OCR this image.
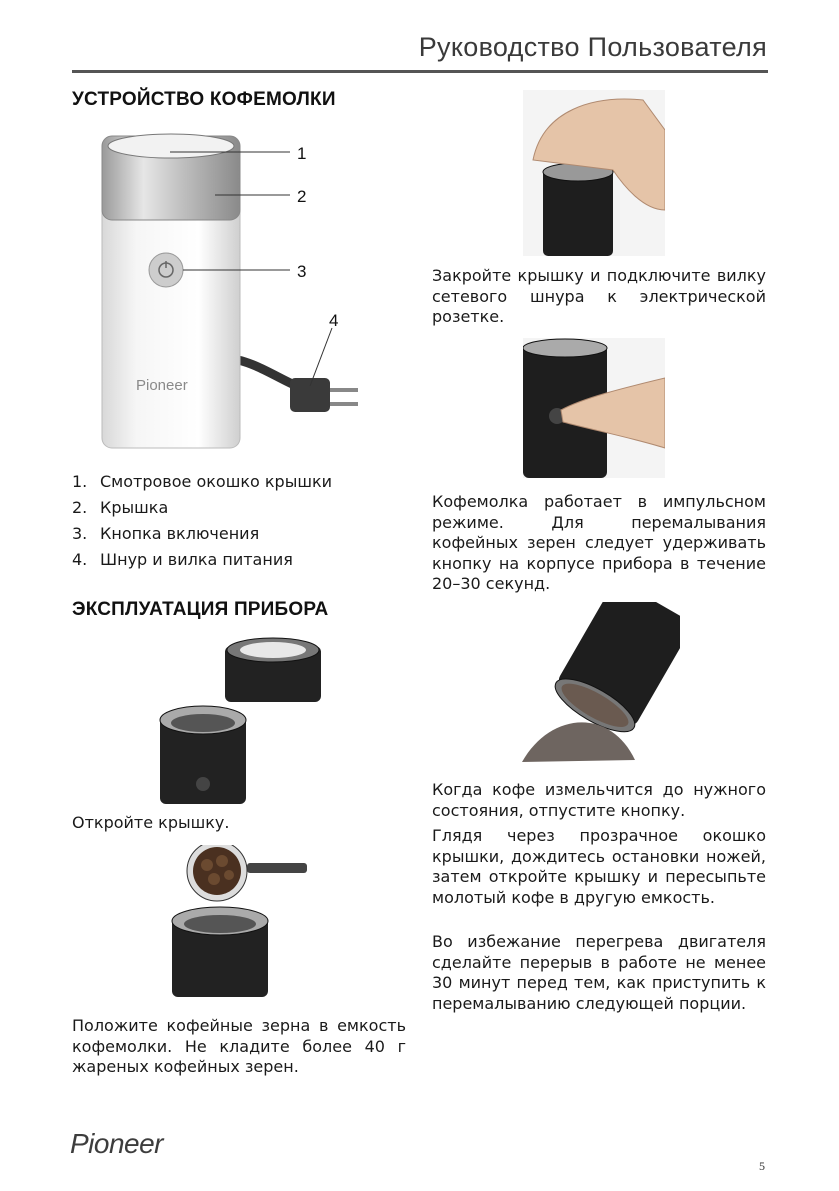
Руководство Пользователя
УСТРОЙСТВО КОФЕМОЛКИ
Pioneer
1
2
3
4
1. Смотровое окошко крышки
2. Крышка
3. Кнопка включения
4. Шнур и вилка питания
ЭКСПЛУАТАЦИЯ ПРИБОРА

Откройте крышку.

Положите кофейные зерна в емкость кофемолки. Не кладите более 40 г жареных кофейных зерен.

Закройте крышку и подключите вилку сетевого шнура к электрической розетке.

Кофемолка работает в импульсном режиме. Для перемалывания кофейных зерен следует удерживать кнопку на корпусе прибора в течение 20–30 секунд.

Когда кофе измельчится до нужного состояния, отпустите кнопку.

Глядя через прозрачное окошко крышки, дождитесь остановки ножей, затем откройте крышку и пересыпьте молотый кофе в другую емкость.

Во избежание перегрева двигателя сделайте перерыв в работе не менее 30 минут перед тем, как приступить к перемалыванию следующей порции.

Pioneer
5
